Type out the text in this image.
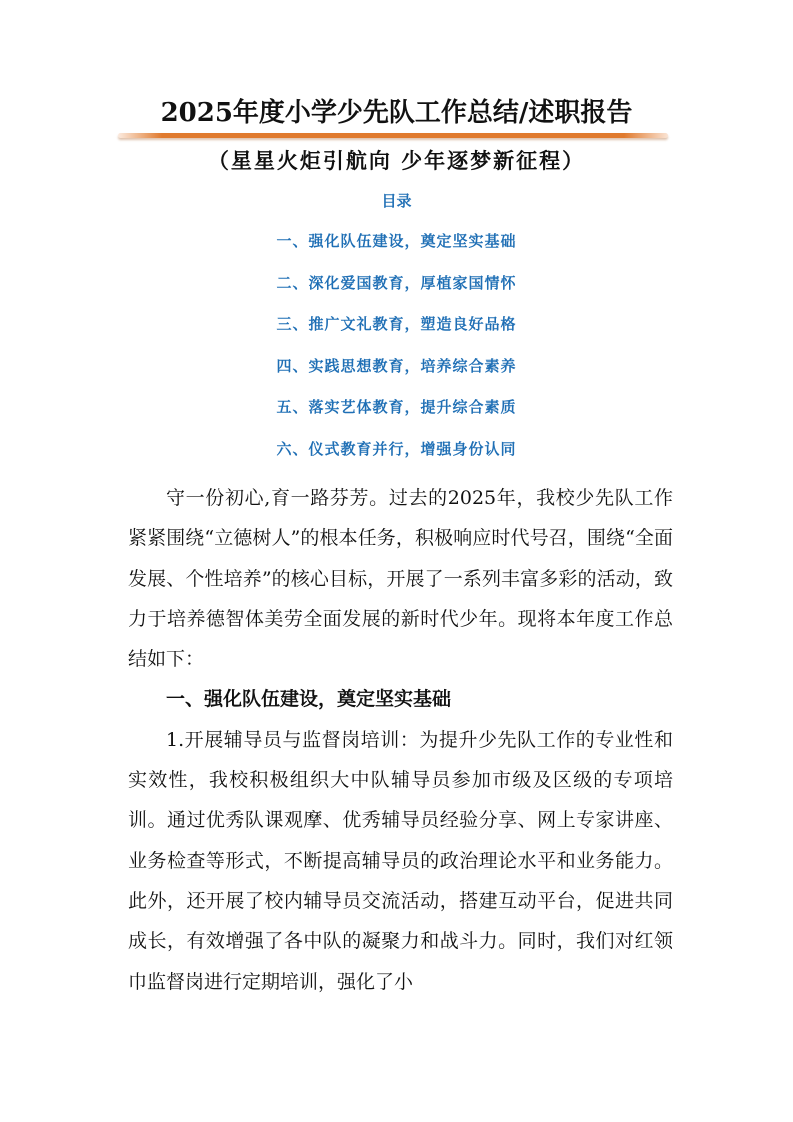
2025年度小学少先队工作总结/述职报告
（星星火炬引航向 少年逐梦新征程）
目录
一、强化队伍建设，奠定坚实基础
二、深化爱国教育，厚植家国情怀
三、推广文礼教育，塑造良好品格
四、实践思想教育，培养综合素养
五、落实艺体教育，提升综合素质
六、仪式教育并行，增强身份认同

守一份初心,育一路芬芳。过去的2025年，我校少先队工作紧紧围绕“立德树人”的根本任务，积极响应时代号召，围绕“全面发展、个性培养”的核心目标，开展了一系列丰富多彩的活动，致力于培养德智体美劳全面发展的新时代少年。现将本年度工作总结如下：

一、强化队伍建设，奠定坚实基础

1.开展辅导员与监督岗培训：为提升少先队工作的专业性和实效性，我校积极组织大中队辅导员参加市级及区级的专项培训。通过优秀队课观摩、优秀辅导员经验分享、网上专家讲座、业务检查等形式，不断提高辅导员的政治理论水平和业务能力。此外，还开展了校内辅导员交流活动，搭建互动平台，促进共同成长，有效增强了各中队的凝聚力和战斗力。同时，我们对红领巾监督岗进行定期培训，强化了小
